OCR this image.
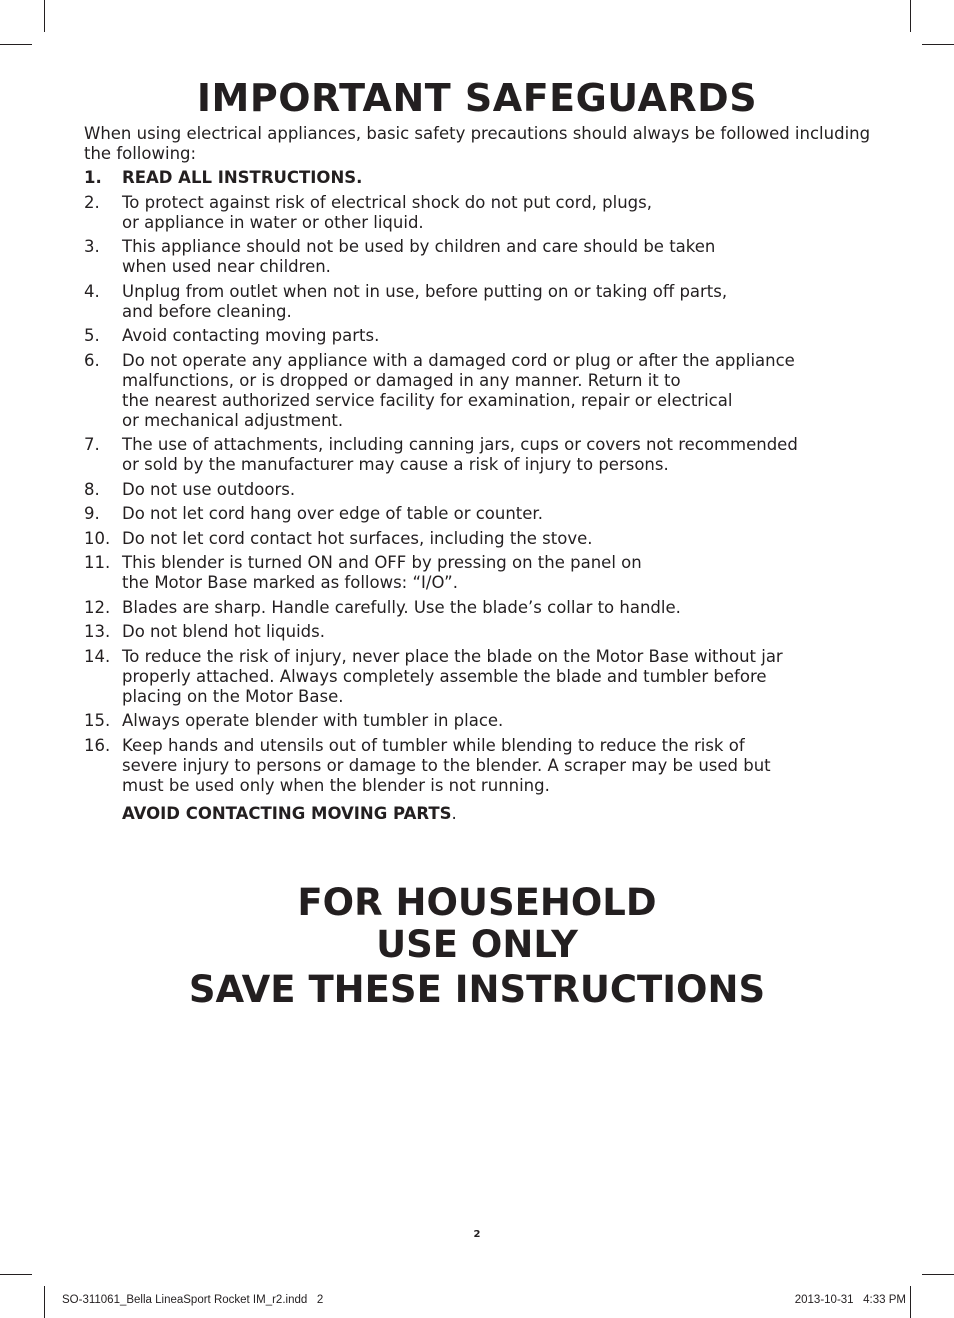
IMPORTANT SAFEGUARDS

When using electrical appliances, basic safety precautions should always be followed including the following:

1.	READ ALL INSTRUCTIONS.
2.	To protect against risk of electrical shock do not put cord, plugs,
or appliance in water or other liquid.
3.	This appliance should not be used by children and care should be taken
when used near children.
4.	Unplug from outlet when not in use, before putting on or taking off parts,
and before cleaning.
5.	Avoid contacting moving parts.
6.	Do not operate any appliance with a damaged cord or plug or after the appliance
malfunctions, or is dropped or damaged in any manner. Return it to
the nearest authorized service facility for examination, repair or electrical
or mechanical adjustment.
7.	The use of attachments, including canning jars, cups or covers not recommended
or sold by the manufacturer may cause a risk of injury to persons.
8.	Do not use outdoors.
9.	Do not let cord hang over edge of table or counter.
10. Do not let cord contact hot surfaces, including the stove.
11. This blender is turned ON and OFF by pressing on the panel on
the Motor Base marked as follows: “I/O”.
12. Blades are sharp. Handle carefully. Use the blade’s collar to handle.
13. Do not blend hot liquids.
14. To reduce the risk of injury, never place the blade on the Motor Base without jar
properly attached. Always completely assemble the blade and tumbler before
placing on the Motor Base.
15. Always operate blender with tumbler in place.
16. Keep hands and utensils out of tumbler while blending to reduce the risk of
severe injury to persons or damage to the blender. A scraper may be used but
must be used only when the blender is not running.

AVOID CONTACTING MOVING PARTS.

FOR HOUSEHOLD
USE ONLY
SAVE THESE INSTRUCTIONS

2

SO-311061_Bella LineaSport Rocket IM_r2.indd   2	2013-10-31   4:33 PM
